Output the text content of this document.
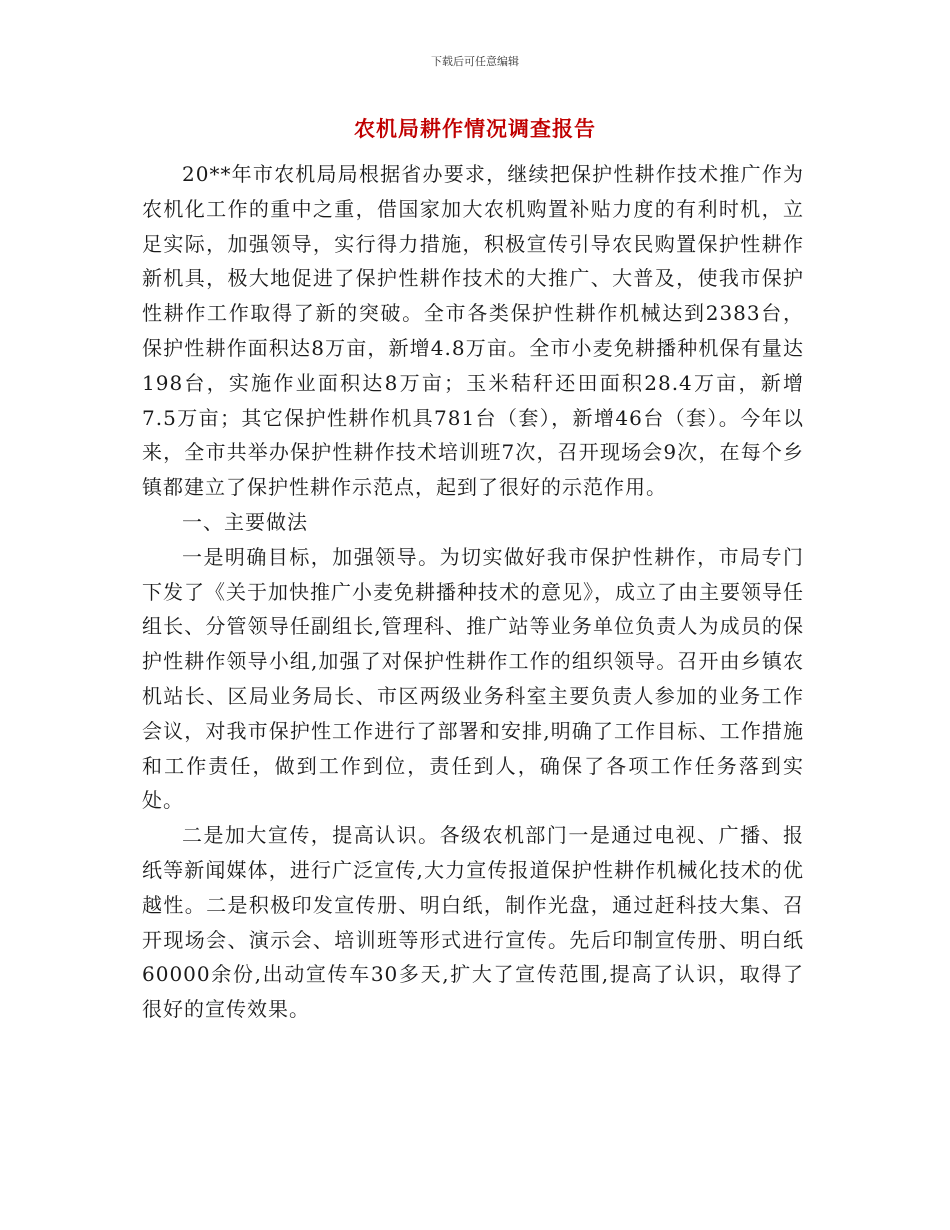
下载后可任意编辑
农机局耕作情况调查报告

20**年市农机局局根据省办要求，继续把保护性耕作技术推广作为农机化工作的重中之重，借国家加大农机购置补贴力度的有利时机，立足实际，加强领导，实行得力措施，积极宣传引导农民购置保护性耕作新机具，极大地促进了保护性耕作技术的大推广、大普及，使我市保护性耕作工作取得了新的突破。全市各类保护性耕作机械达到2383台，保护性耕作面积达8万亩，新增4.8万亩。全市小麦免耕播种机保有量达198台，实施作业面积达8万亩；玉米秸秆还田面积28.4万亩，新增7.5万亩；其它保护性耕作机具781台（套），新增46台（套）。今年以来，全市共举办保护性耕作技术培训班7次，召开现场会9次，在每个乡镇都建立了保护性耕作示范点，起到了很好的示范作用。

一、主要做法

一是明确目标，加强领导。为切实做好我市保护性耕作，市局专门下发了《关于加快推广小麦免耕播种技术的意见》，成立了由主要领导任组长、分管领导任副组长,管理科、推广站等业务单位负责人为成员的保护性耕作领导小组,加强了对保护性耕作工作的组织领导。召开由乡镇农机站长、区局业务局长、市区两级业务科室主要负责人参加的业务工作会议，对我市保护性工作进行了部署和安排,明确了工作目标、工作措施和工作责任，做到工作到位，责任到人，确保了各项工作任务落到实处。

二是加大宣传，提高认识。各级农机部门一是通过电视、广播、报纸等新闻媒体，进行广泛宣传,大力宣传报道保护性耕作机械化技术的优越性。二是积极印发宣传册、明白纸，制作光盘，通过赶科技大集、召开现场会、演示会、培训班等形式进行宣传。先后印制宣传册、明白纸60000余份,出动宣传车30多天,扩大了宣传范围,提高了认识，取得了很好的宣传效果。
